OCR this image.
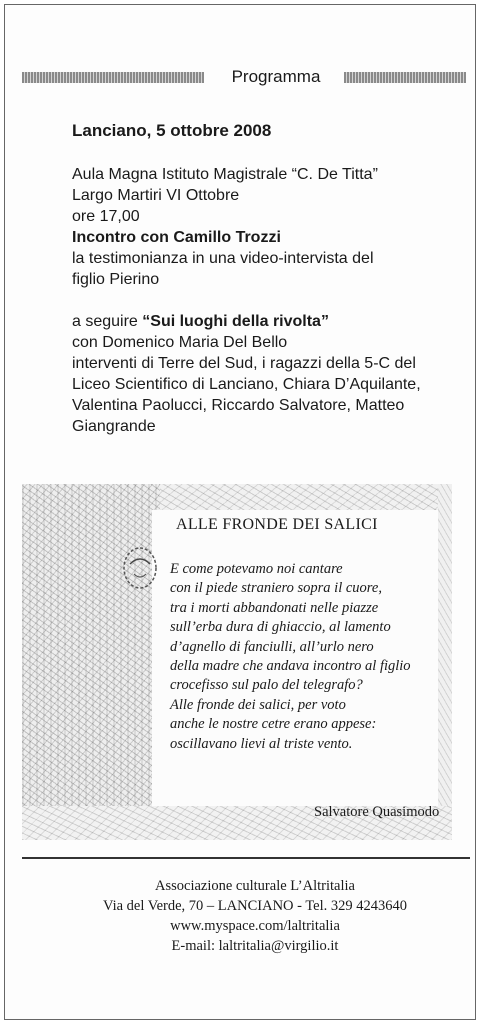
Programma

Lanciano, 5 ottobre 2008

Aula Magna Istituto Magistrale “C. De Titta”

Largo Martiri VI Ottobre

ore 17,00

Incontro con Camillo Trozzi

la testimonianza in una video-intervista del

figlio Pierino

a seguire “Sui luoghi della rivolta”

con Domenico Maria Del Bello

interventi di Terre del Sud, i ragazzi della 5-C del

Liceo Scientifico di Lanciano, Chiara D’Aquilante,

Valentina Paolucci, Riccardo Salvatore, Matteo

Giangrande

ALLE FRONDE DEI SALICI
E come potevamo noi cantare
con il piede straniero sopra il cuore,
tra i morti abbandonati nelle piazze
sull’erba dura di ghiaccio, al lamento
d’agnello di fanciulli, all’urlo nero
della madre che andava incontro al figlio
crocefisso sul palo del telegrafo?
Alle fronde dei salici, per voto
anche le nostre cetre erano appese:
oscillavano lievi al triste vento.
Salvatore Quasimodo
Associazione culturale L’Altritalia
Via del Verde, 70 – LANCIANO - Tel. 329 4243640
www.myspace.com/laltritalia
E-mail: laltritalia@virgilio.it
